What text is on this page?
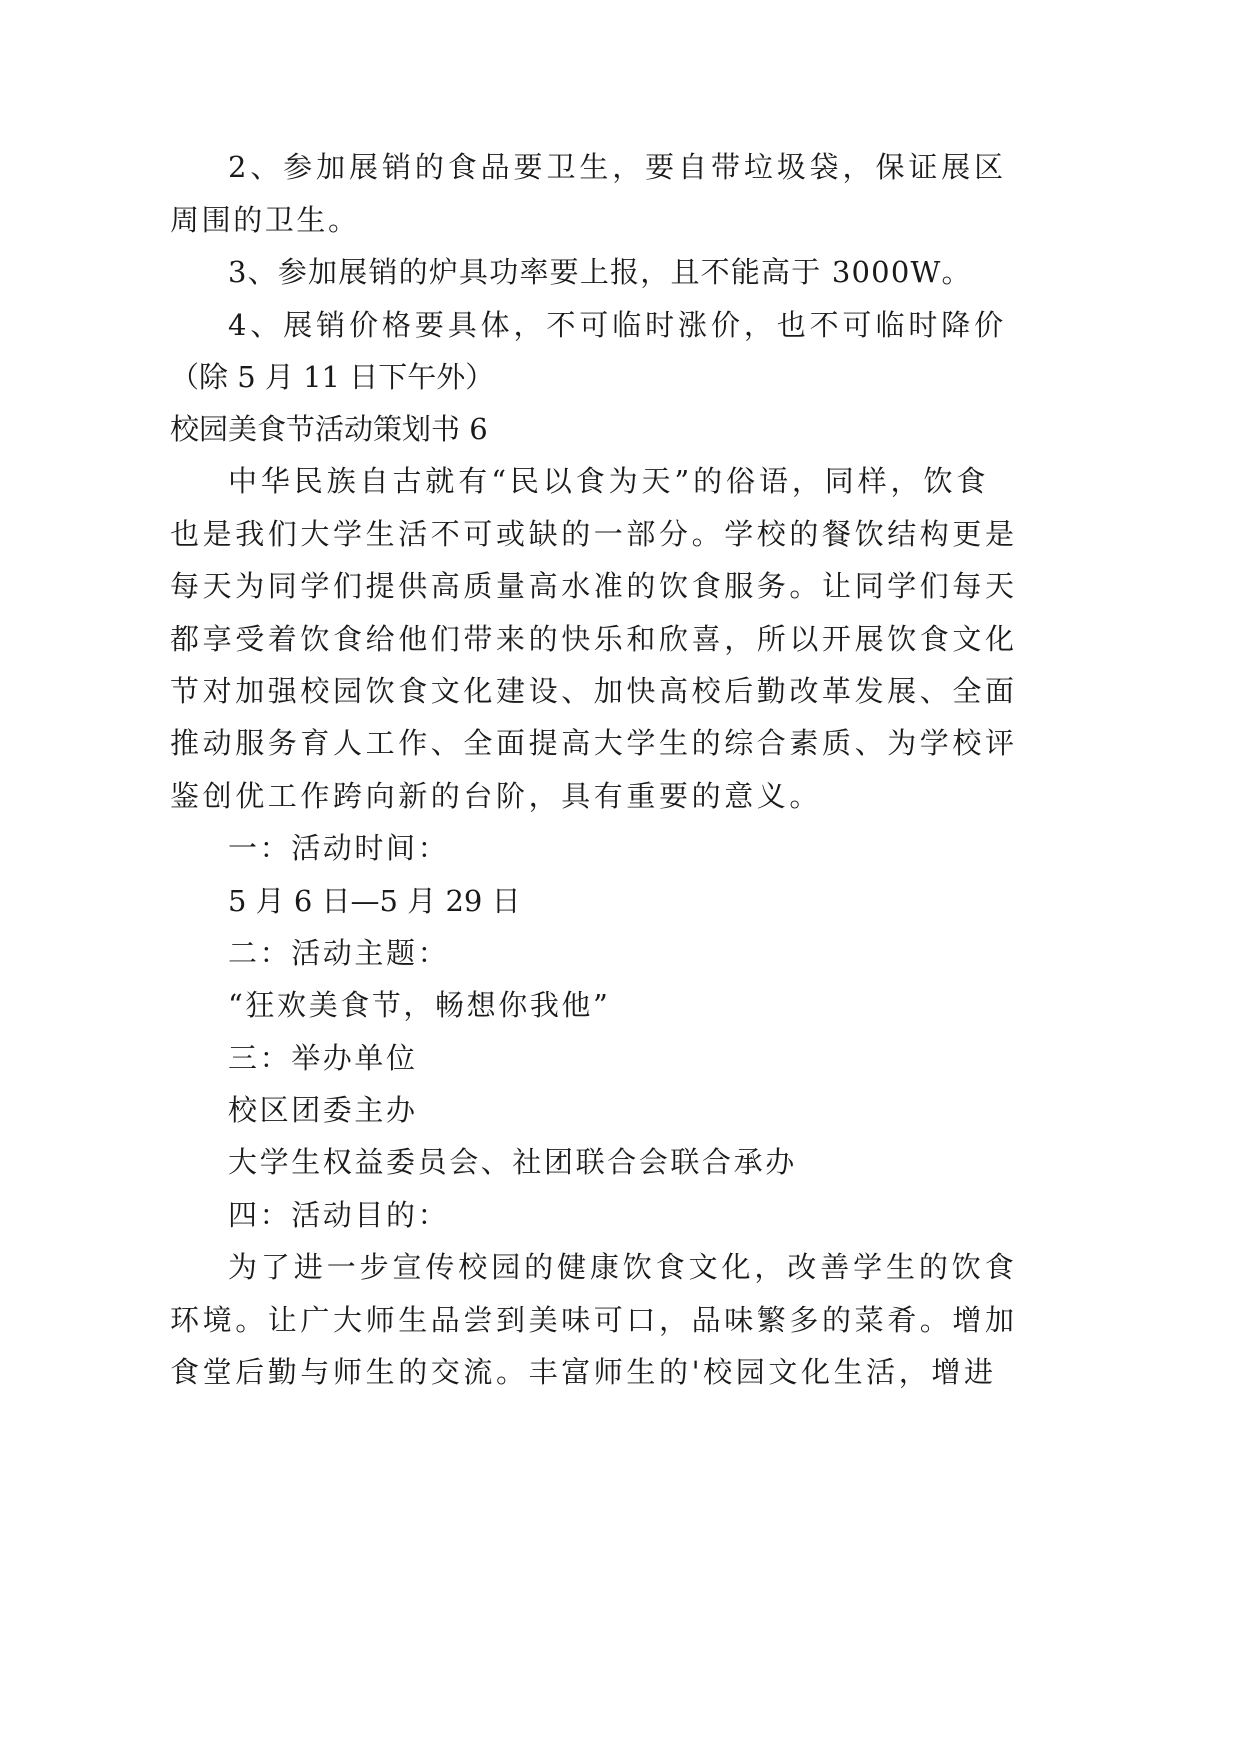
2、参加展销的食品要卫生，要自带垃圾袋，保证展区

周围的卫生。

3、参加展销的炉具功率要上报，且不能高于 3000W。

4、展销价格要具体，不可临时涨价，也不可临时降价

（除 5 月 11 日下午外）

校园美食节活动策划书 6

中华民族自古就有“民以食为天”的俗语，同样，饮食

也是我们大学生活不可或缺的一部分。学校的餐饮结构更是

每天为同学们提供高质量高水准的饮食服务。让同学们每天

都享受着饮食给他们带来的快乐和欣喜，所以开展饮食文化

节对加强校园饮食文化建设、加快高校后勤改革发展、全面

推动服务育人工作、全面提高大学生的综合素质、为学校评

鉴创优工作跨向新的台阶，具有重要的意义。

一：活动时间：

5 月 6 日—5 月 29 日

二：活动主题：

“狂欢美食节，畅想你我他”

三：举办单位

校区团委主办

大学生权益委员会、社团联合会联合承办

四：活动目的：

为了进一步宣传校园的健康饮食文化，改善学生的饮食

环境。让广大师生品尝到美味可口，品味繁多的菜肴。增加

食堂后勤与师生的交流。丰富师生的'校园文化生活，增进
